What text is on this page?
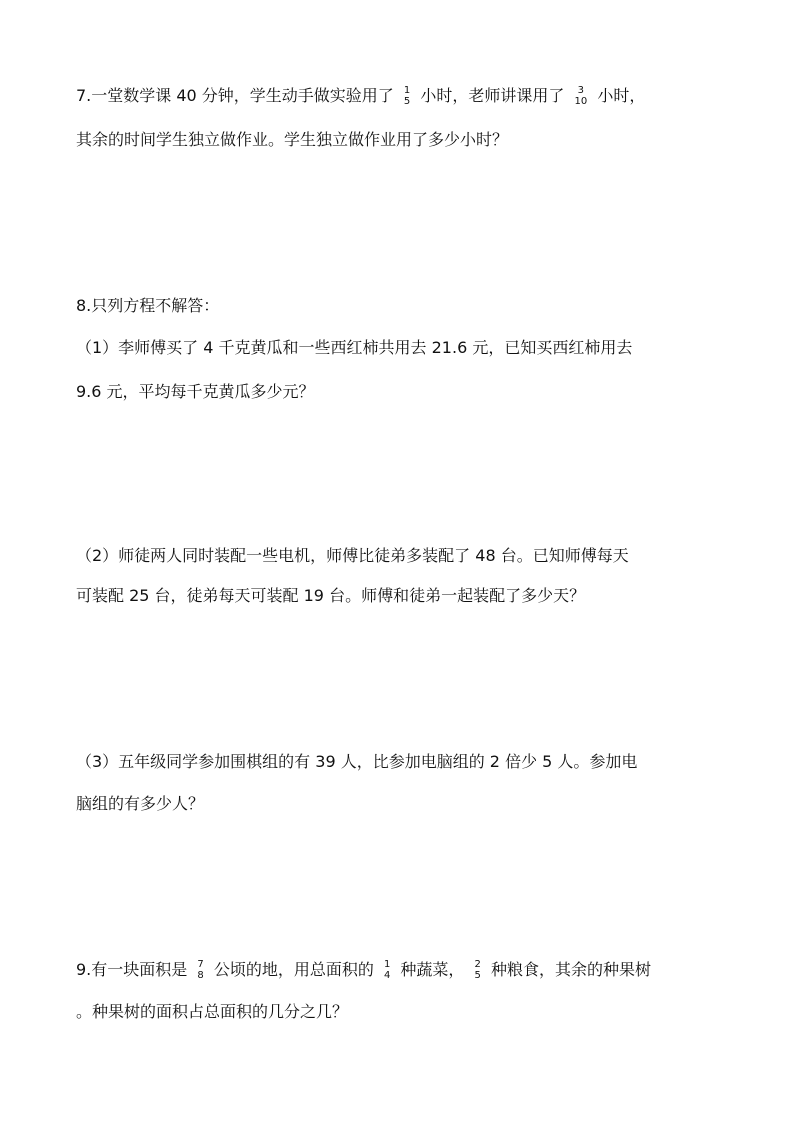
7.一堂数学课 40 分钟，学生动手做实验用了 1
5 小时，老师讲课用了 3
10 小时，
其余的时间学生独立做作业。学生独立做作业用了多少小时？
8.只列方程不解答：
（1）李师傅买了 4 千克黄瓜和一些西红柿共用去 21.6 元，已知买西红柿用去
9.6 元，平均每千克黄瓜多少元？
（2）师徒两人同时装配一些电机，师傅比徒弟多装配了 48 台。已知师傅每天
可装配 25 台，徒弟每天可装配 19 台。师傅和徒弟一起装配了多少天？
（3）五年级同学参加围棋组的有 39 人，比参加电脑组的 2 倍少 5 人。参加电
脑组的有多少人？
9.有一块面积是 7
8 公顷的地，用总面积的 1
4 种蔬菜， 2
5 种粮食，其余的种果树
。种果树的面积占总面积的几分之几？
